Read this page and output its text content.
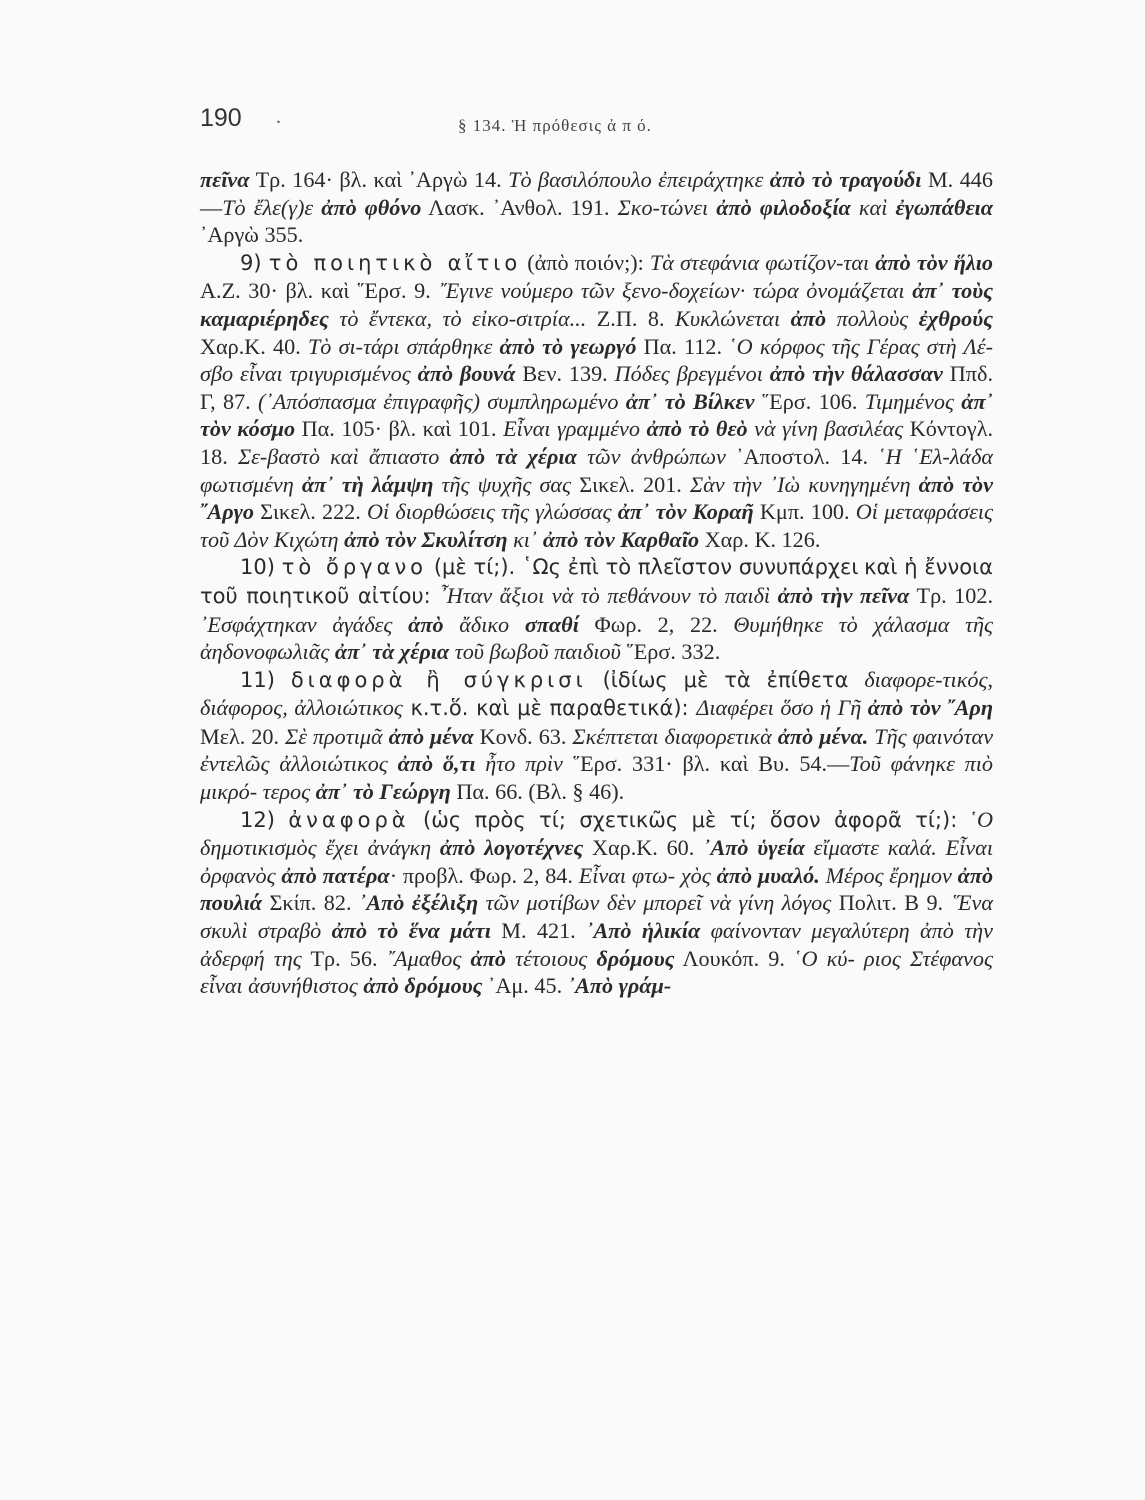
190 .	§ 134. Ἡ πρόθεσις ἀ π ό.

πεῖνα Τρ. 164· βλ. καὶ ᾿Αργὼ 14. Τὸ βασιλόπουλο ἐπειράχτηκε ἀπὸ τὸ τραγούδι Μ. 446—Τὸ ἔλε(γ)ε ἀπὸ φθόνο Λασκ. ᾿Ανθολ. 191. Σκο-τώνει ἀπὸ φιλοδοξία καὶ ἐγωπάθεια ᾿Αργὼ 355.

9) τὸ ποιητικὸ αἴτιο (ἀπὸ ποιόν;): Τὰ στεφάνια φωτίζον-ται ἀπὸ τὸν ἥλιο Α.Ζ. 30· βλ. καὶ ῞Ερσ. 9. ῎Εγινε νούμερο τῶν ξενο-δοχείων· τώρα ὀνομάζεται ἀπ᾿ τοὺς καμαριέρηδες τὸ ἔντεκα, τὸ εἰκο-σιτρία... Ζ.Π. 8. Κυκλώνεται ἀπὸ πολλοὺς ἐχθρούς Χαρ.Κ. 40. Τὸ σι-τάρι σπάρθηκε ἀπὸ τὸ γεωργό Πα. 112. ῾Ο κόρφος τῆς Γέρας στὴ Λέ-σβο εἶναι τριγυρισμένος ἀπὸ βουνά Βεν. 139. Πόδες βρεγμένοι ἀπὸ τὴν θάλασσαν Ππδ. Γ, 87. (᾿Απόσπασμα ἐπιγραφῆς) συμπληρωμένο ἀπ᾿ τὸ Βίλκεν ῞Ερσ. 106. Τιμημένος ἀπ᾿ τὸν κόσμο Πα. 105· βλ. καὶ 101. Εἶναι γραμμένο ἀπὸ τὸ θεὸ νὰ γίνη βασιλέας Κόντογλ. 18. Σε-βαστὸ καὶ ἄπιαστο ἀπὸ τὰ χέρια τῶν ἀνθρώπων ᾿Αποστολ. 14. ῾Η ῾Ελ-λάδα φωτισμένη ἀπ᾿ τὴ λάμψη τῆς ψυχῆς σας Σικελ. 201. Σὰν τὴν ᾿Ιὼ κυνηγημένη ἀπὸ τὸν ῎Αργο Σικελ. 222. Οἱ διορθώσεις τῆς γλώσσας ἀπ᾿ τὸν Κοραῆ Κμπ. 100. Οἱ μεταφράσεις τοῦ Δὸν Κιχώτη ἀπὸ τὸν Σκυλίτση κι᾿ ἀπὸ τὸν Καρθαῖο Χαρ. Κ. 126.

10) τὸ ὄργανο (μὲ τί;). ῾Ως ἐπὶ τὸ πλεῖστον συνυπάρχει καὶ ἡ ἔννοια τοῦ ποιητικοῦ αἰτίου: ῏Ηταν ἄξιοι νὰ τὸ πεθάνουν τὸ παιδὶ ἀπὸ τὴν πεῖνα Τρ. 102. ᾿Εσφάχτηκαν ἀγάδες ἀπὸ ἄδικο σπαθί Φωρ. 2, 22. Θυμήθηκε τὸ χάλασμα τῆς ἀηδονοφωλιᾶς ἀπ᾿ τὰ χέρια τοῦ βωβοῦ παιδιοῦ ῞Ερσ. 332.

11) διαφορὰ ἢ σύγκρισι (ἰδίως μὲ τὰ ἐπίθετα διαφορε-τικός, διάφορος, ἀλλοιώτικος κ.τ.ὅ. καὶ μὲ παραθετικά): Διαφέρει ὅσο ἡ Γῆ ἀπὸ τὸν ῎Αρη Μελ. 20. Σὲ προτιμᾶ ἀπὸ μένα Κονδ. 63. Σκέπτεται διαφορετικὰ ἀπὸ μένα. Τῆς φαινόταν ἐντελῶς ἀλλοιώτικος ἀπὸ ὅ,τι ἦτο πρὶν ῞Ερσ. 331· βλ. καὶ Βυ. 54.—Τοῦ φάνηκε πιὸ μικρό- τερος ἀπ᾿ τὸ Γεώργη Πα. 66. (Βλ. § 46).

12) ἀναφορὰ (ὡς πρὸς τί; σχετικῶς μὲ τί; ὅσον ἀφορᾶ τί;): ῾Ο δημοτικισμὸς ἔχει ἀνάγκη ἀπὸ λογοτέχνες Χαρ.Κ. 60. ᾿Απὸ ὑγεία εἴμαστε καλά. Εἶναι ὀρφανὸς ἀπὸ πατέρα· προβλ. Φωρ. 2, 84. Εἶναι φτω- χὸς ἀπὸ μυαλό. Μέρος ἔρημον ἀπὸ πουλιά Σκίπ. 82. ᾿Απὸ ἐξέλιξη τῶν μοτίβων δὲν μπορεῖ νὰ γίνη λόγος Πολιτ. Β 9. ῞Ενα σκυλὶ στραβὸ ἀπὸ τὸ ἕνα μάτι Μ. 421. ᾿Απὸ ἡλικία φαίνονταν μεγαλύτερη ἀπὸ τὴν ἀδερφή της Τρ. 56. ῎Αμαθος ἀπὸ τέτοιους δρόμους Λουκόπ. 9. ῾Ο κύ- ριος Στέφανος εἶναι ἀσυνήθιστος ἀπὸ δρόμους ᾿Αμ. 45. ᾿Απὸ γράμ-
